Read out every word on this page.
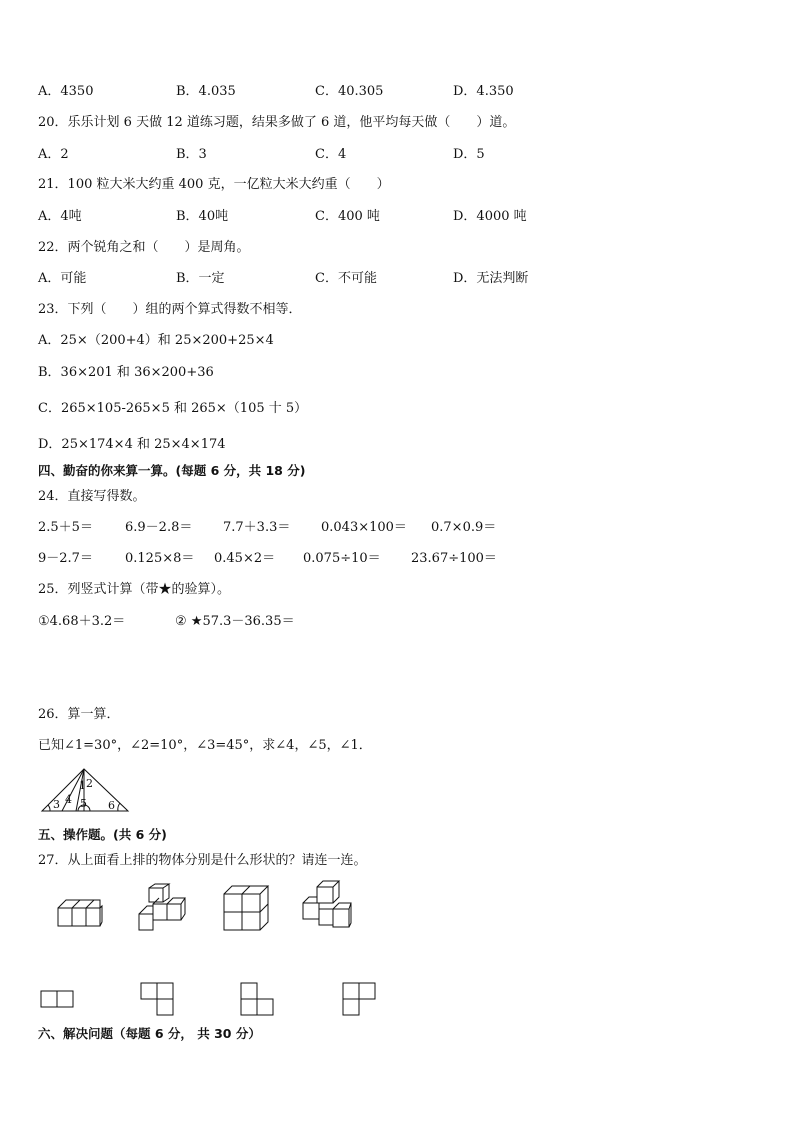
A．4350	B．4.035	C．40.305	D．4.350
20．乐乐计划 6 天做 12 道练习题，结果多做了 6 道，他平均每天做（　　）道。
A．2	B．3	C．4	D．5
21．100 粒大米大约重 400 克，一亿粒大米大约重（　　）
A．4吨	B．40吨	C．400 吨	D．4000 吨
22．两个锐角之和（　　）是周角。
A．可能	B．一定	C．不可能	D．无法判断
23．下列（　　）组的两个算式得数不相等．
A．25×（200+4）和 25×200+25×4
B．36×201 和 36×200+36
C．265×105-265×5 和 265×（105 十 5）
D．25×174×4 和 25×4×174
四、勤奋的你来算一算。(每题 6 分，共 18 分)
24．直接写得数。
2.5＋5＝ 6.9－2.8＝ 7.7＋3.3＝ 0.043×100＝ 0.7×0.9＝
9－2.7＝ 0.125×8＝ 0.45×2＝ 0.075÷10＝ 23.67÷100＝
25．列竖式计算（带★的验算）。
①4.68＋3.2＝	② ★57.3－36.35＝
26．算一算．
已知∠1=30°，∠2=10°，∠3=45°，求∠4，∠5，∠1．
1 2
3 4 5 6
五、操作题。(共 6 分)
27．从上面看上排的物体分别是什么形状的？请连一连。
六、解决问题（每题 6 分， 共 30 分）
